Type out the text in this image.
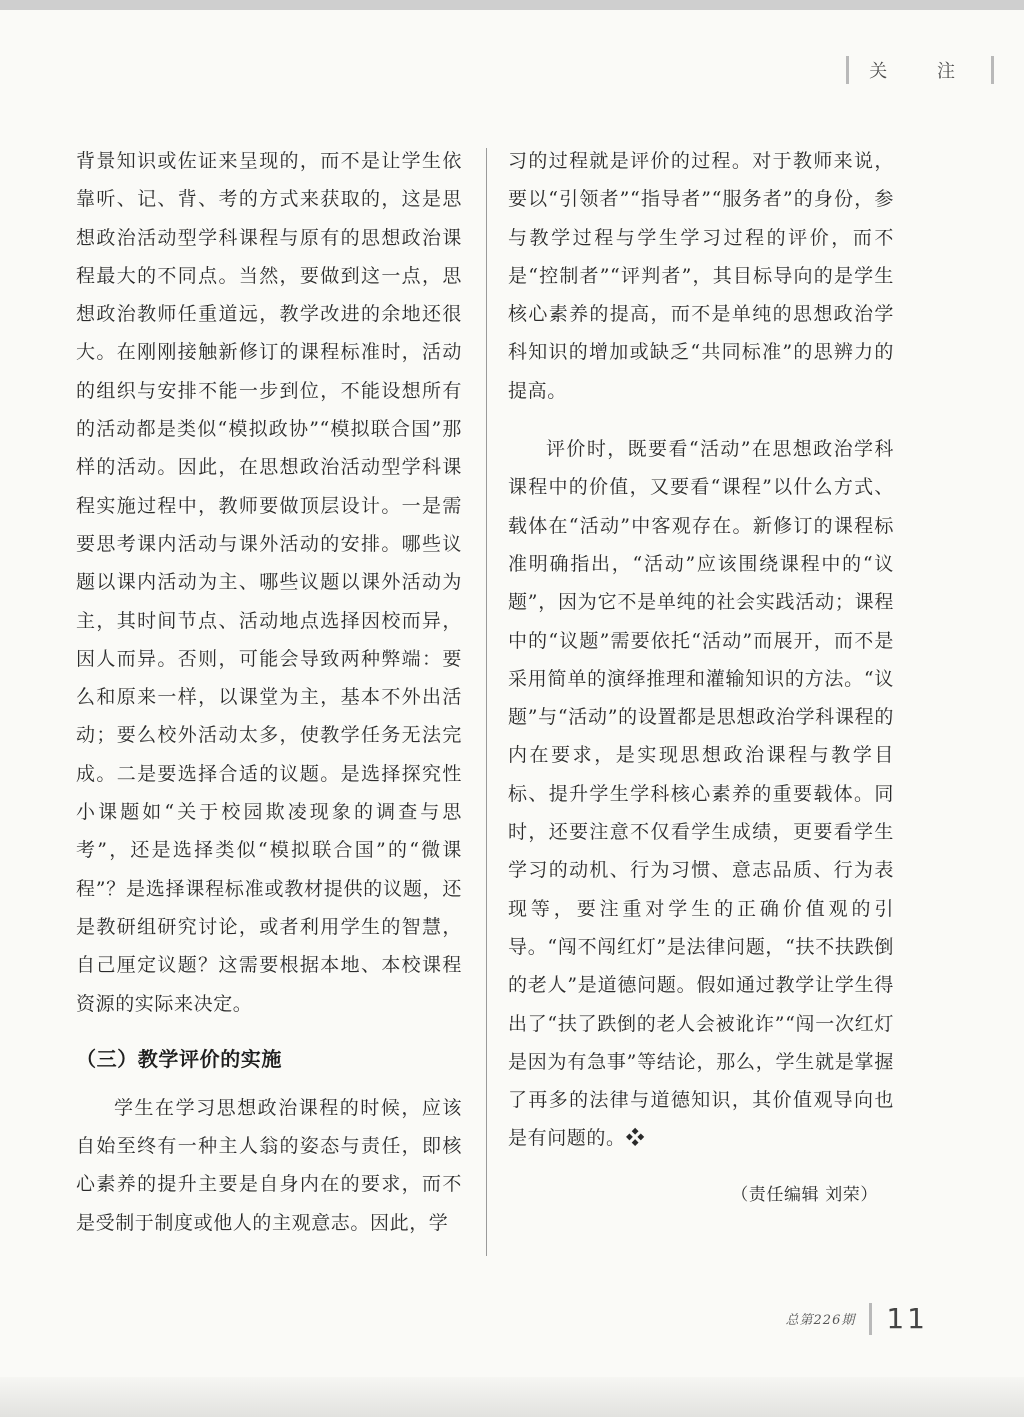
关 注

背景知识或佐证来呈现的，而不是让学生依靠听、记、背、考的方式来获取的，这是思想政治活动型学科课程与原有的思想政治课程最大的不同点。当然，要做到这一点，思想政治教师任重道远，教学改进的余地还很大。在刚刚接触新修订的课程标准时，活动的组织与安排不能一步到位，不能设想所有的活动都是类似“模拟政协”“模拟联合国”那样的活动。因此，在思想政治活动型学科课程实施过程中，教师要做顶层设计。一是需要思考课内活动与课外活动的安排。哪些议题以课内活动为主、哪些议题以课外活动为主，其时间节点、活动地点选择因校而异，因人而异。否则，可能会导致两种弊端：要么和原来一样，以课堂为主，基本不外出活动；要么校外活动太多，使教学任务无法完成。二是要选择合适的议题。是选择探究性小课题如“关于校园欺凌现象的调查与思考”，还是选择类似“模拟联合国”的“微课程”？是选择课程标准或教材提供的议题，还是教研组研究讨论，或者利用学生的智慧，自己厘定议题？这需要根据本地、本校课程资源的实际来决定。

（三）教学评价的实施

学生在学习思想政治课程的时候，应该自始至终有一种主人翁的姿态与责任，即核心素养的提升主要是自身内在的要求，而不是受制于制度或他人的主观意志。因此，学

习的过程就是评价的过程。对于教师来说，要以“引领者”“指导者”“服务者”的身份，参与教学过程与学生学习过程的评价，而不是“控制者”“评判者”，其目标导向的是学生核心素养的提高，而不是单纯的思想政治学科知识的增加或缺乏“共同标准”的思辨力的提高。

评价时，既要看“活动”在思想政治学科课程中的价值，又要看“课程”以什么方式、载体在“活动”中客观存在。新修订的课程标准明确指出，“活动”应该围绕课程中的“议题”，因为它不是单纯的社会实践活动；课程中的“议题”需要依托“活动”而展开，而不是采用简单的演绎推理和灌输知识的方法。“议题”与“活动”的设置都是思想政治学科课程的内在要求，是实现思想政治课程与教学目标、提升学生学科核心素养的重要载体。同时，还要注意不仅看学生成绩，更要看学生学习的动机、行为习惯、意志品质、行为表现等，要注重对学生的正确价值观的引导。“闯不闯红灯”是法律问题，“扶不扶跌倒的老人”是道德问题。假如通过教学让学生得出了“扶了跌倒的老人会被讹诈”“闯一次红灯是因为有急事”等结论，那么，学生就是掌握了再多的法律与道德知识，其价值观导向也是有问题的。❖

（责任编辑 刘荣）
总第226期 11
